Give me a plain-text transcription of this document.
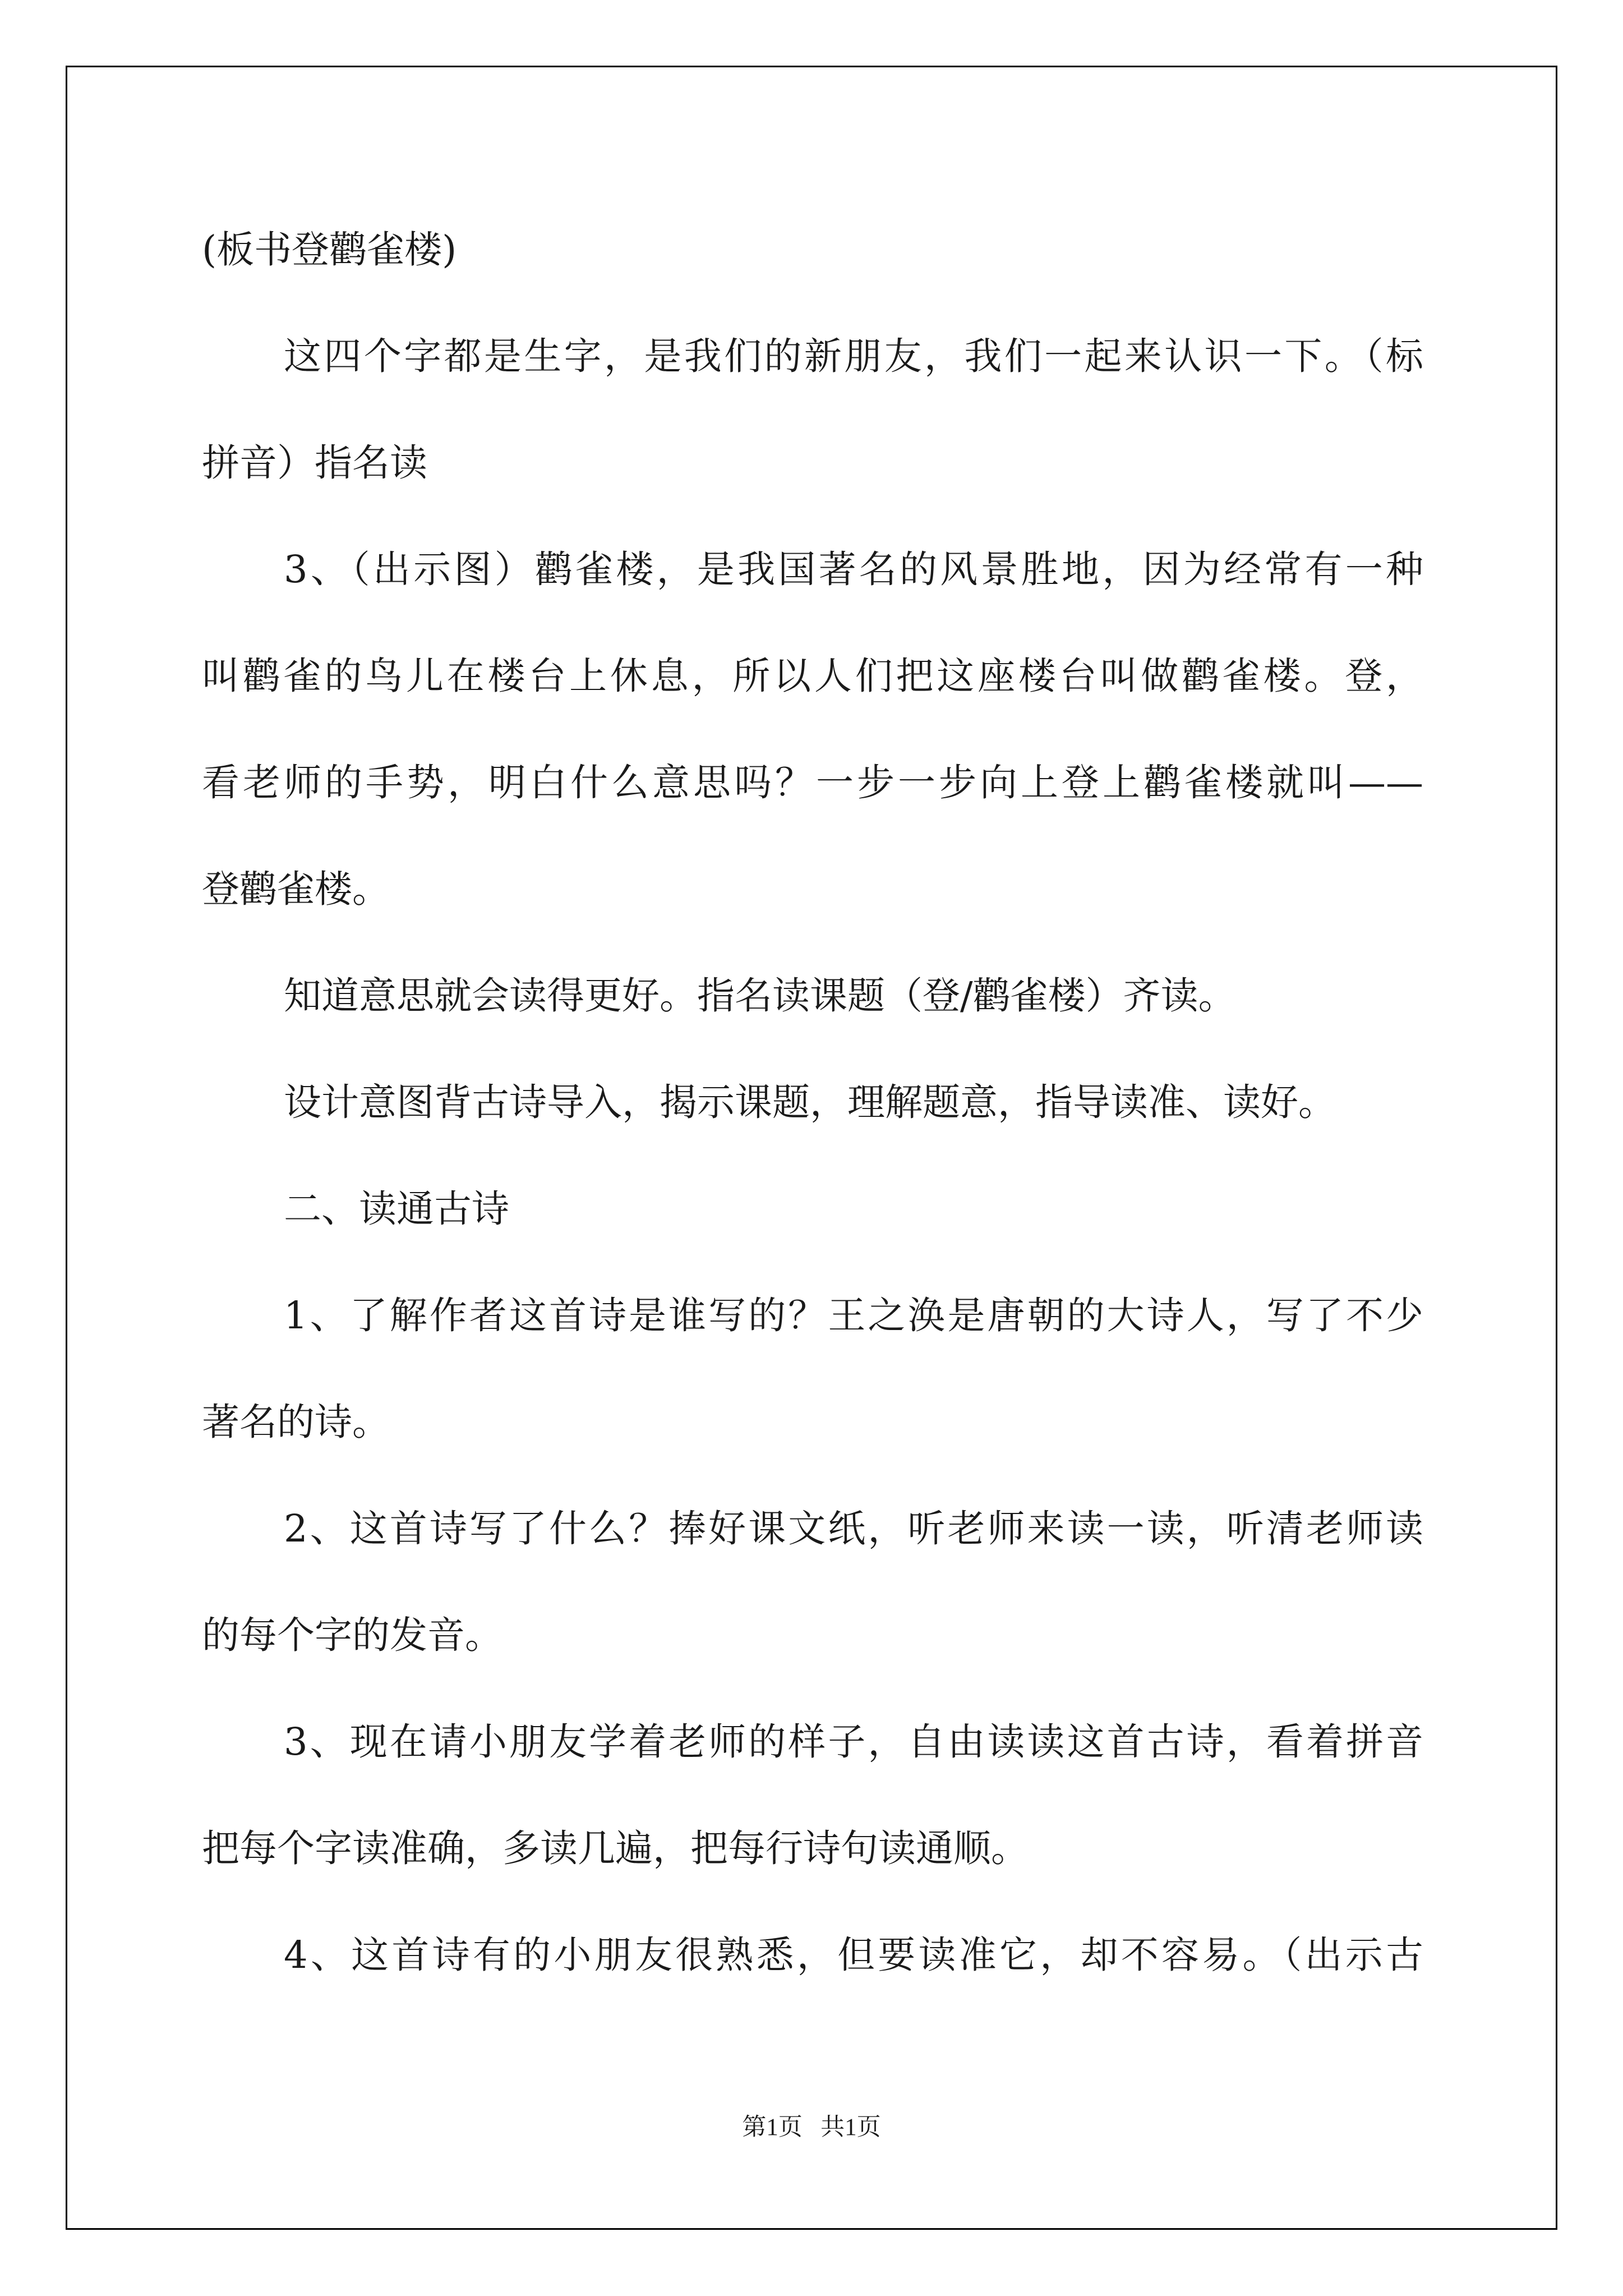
(板书登鹳雀楼)

这四个字都是生字，是我们的新朋友，我们一起来认识一下。（标

拼音）指名读

3、（出示图）鹳雀楼，是我国著名的风景胜地，因为经常有一种

叫鹳雀的鸟儿在楼台上休息，所以人们把这座楼台叫做鹳雀楼。登，

看老师的手势，明白什么意思吗？一步一步向上登上鹳雀楼就叫——

登鹳雀楼。

知道意思就会读得更好。指名读课题（登/鹳雀楼）齐读。

设计意图背古诗导入，揭示课题，理解题意，指导读准、读好。

二、读通古诗

1、了解作者这首诗是谁写的？王之涣是唐朝的大诗人，写了不少

著名的诗。

2、这首诗写了什么？捧好课文纸，听老师来读一读，听清老师读

的每个字的发音。

3、现在请小朋友学着老师的样子，自由读读这首古诗，看着拼音

把每个字读准确，多读几遍，把每行诗句读通顺。

4、这首诗有的小朋友很熟悉，但要读准它，却不容易。（出示古

第1页   共1页
